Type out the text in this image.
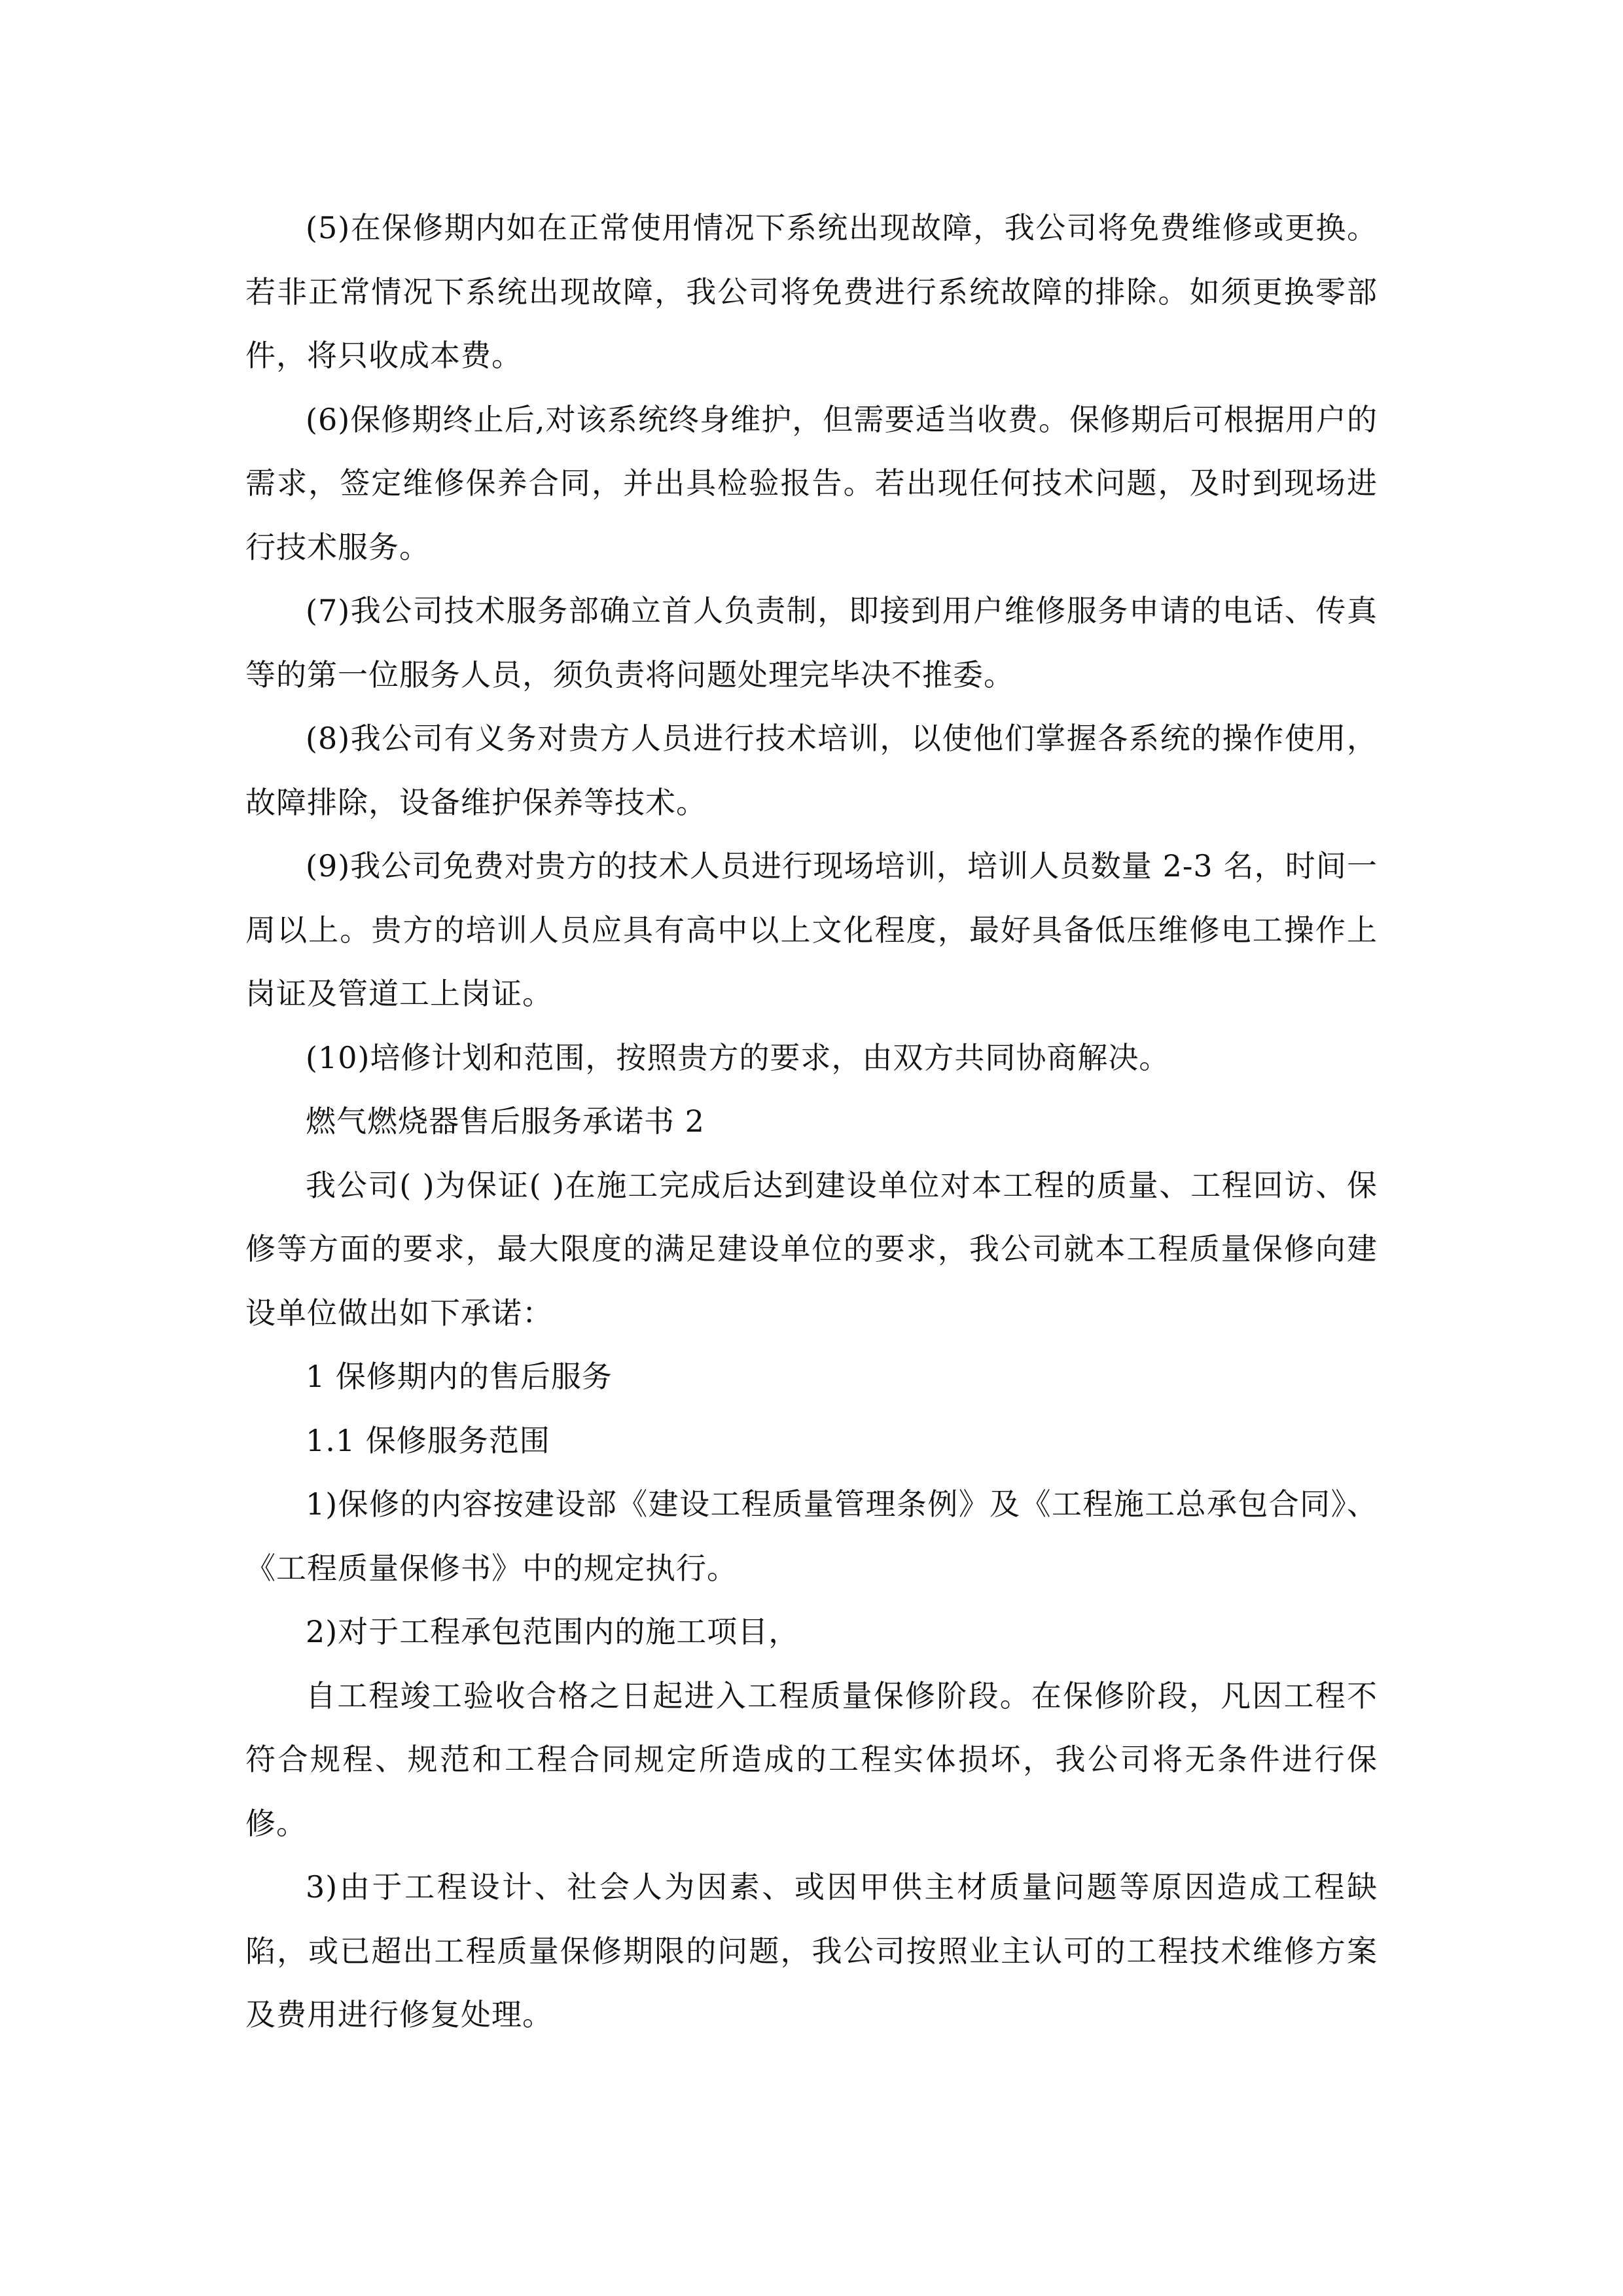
(5)在保修期内如在正常使用情况下系统出现故障，我公司将免费维修或更换。若非正常情况下系统出现故障，我公司将免费进行系统故障的排除。如须更换零部件，将只收成本费。

(6)保修期终止后,对该系统终身维护，但需要适当收费。保修期后可根据用户的需求，签定维修保养合同，并出具检验报告。若出现任何技术问题，及时到现场进行技术服务。

(7)我公司技术服务部确立首人负责制，即接到用户维修服务申请的电话、传真等的第一位服务人员，须负责将问题处理完毕决不推委。

(8)我公司有义务对贵方人员进行技术培训，以使他们掌握各系统的操作使用，故障排除，设备维护保养等技术。

(9)我公司免费对贵方的技术人员进行现场培训，培训人员数量 2-3 名，时间一周以上。贵方的培训人员应具有高中以上文化程度，最好具备低压维修电工操作上岗证及管道工上岗证。

(10)培修计划和范围，按照贵方的要求，由双方共同协商解决。

燃气燃烧器售后服务承诺书 2

我公司( )为保证( )在施工完成后达到建设单位对本工程的质量、工程回访、保修等方面的要求，最大限度的满足建设单位的要求，我公司就本工程质量保修向建设单位做出如下承诺：

1 保修期内的售后服务

1.1 保修服务范围

1)保修的内容按建设部《建设工程质量管理条例》及《工程施工总承包合同》、《工程质量保修书》中的规定执行。

2)对于工程承包范围内的施工项目，

自工程竣工验收合格之日起进入工程质量保修阶段。在保修阶段，凡因工程不符合规程、规范和工程合同规定所造成的工程实体损坏，我公司将无条件进行保修。

3)由于工程设计、社会人为因素、或因甲供主材质量问题等原因造成工程缺陷，或已超出工程质量保修期限的问题，我公司按照业主认可的工程技术维修方案及费用进行修复处理。
